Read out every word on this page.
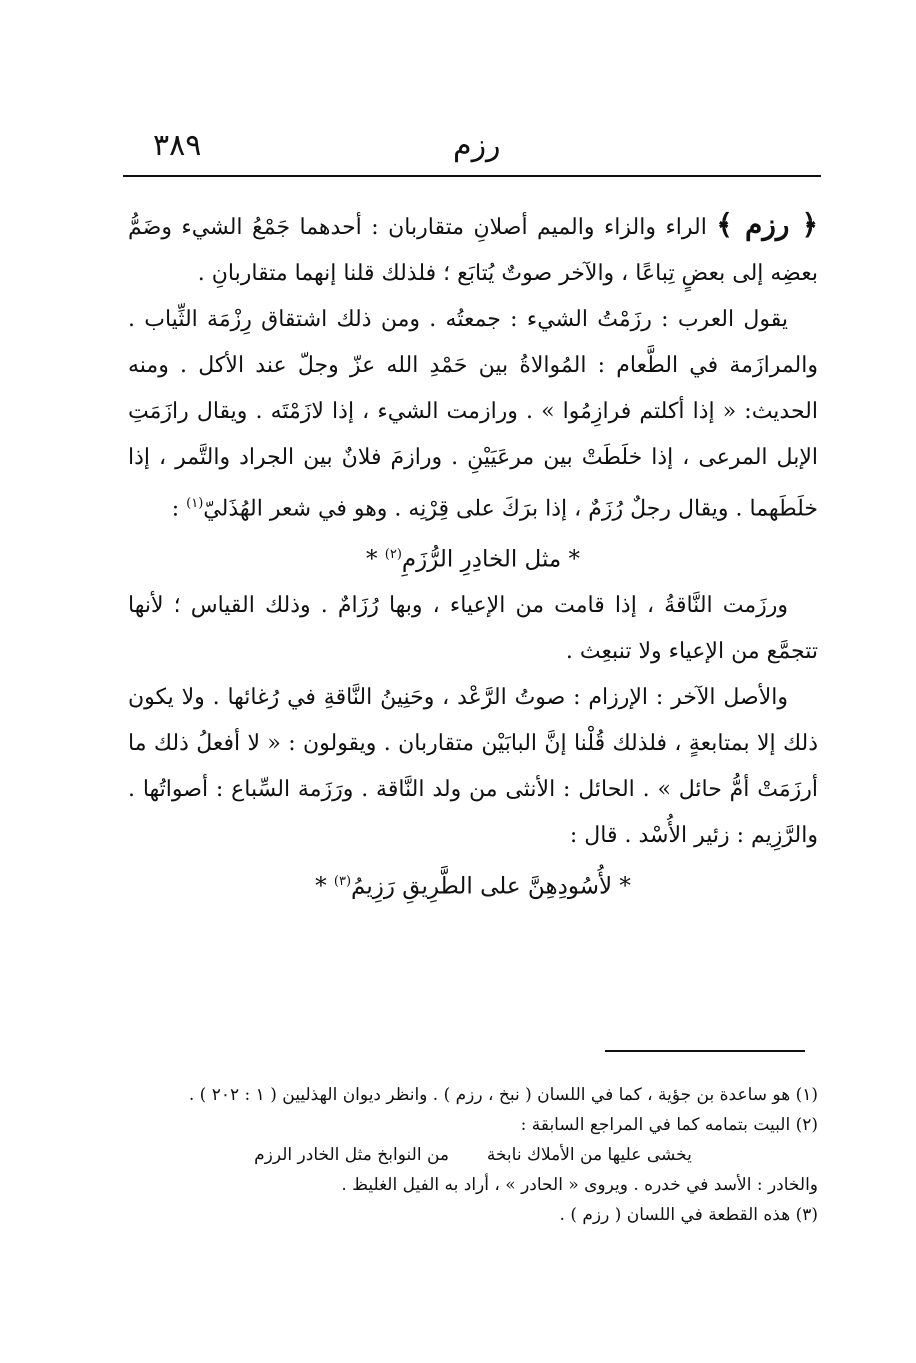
٣٨٩	رزم

﴿ رزم ﴾ الراء والزاء والميم أصلانِ متقاربان : أحدهما جَمْعُ الشيء وضَمُّ بعضِه إلى بعضٍ تِباعًا ، والآخر صوتٌ يُتابَع ؛ فلذلك قلنا إنهما متقاربانِ .

يقول العرب : رزَمْتُ الشيء : جمعتُه . ومن ذلك اشتقاق رِزْمَة الثِّياب . والمرازَمة في الطَّعام : المُوالاةُ بين حَمْدِ الله عزّ وجلّ عند الأكل . ومنه الحديث: « إذا أكلتم فرازِمُوا » . ورازمت الشيء ، إذا لازَمْتَه . ويقال رازَمَتِ الإبل المرعى ، إذا خلَطَتْ بين مرعَيَيْنِ . ورازمَ فلانٌ بين الجراد والتَّمر ، إذا خلَطَهما . ويقال رجلٌ رُزَمٌ ، إذا برَكَ على قِرْنِه . وهو في شعر الهُذَليّ$^{(١)}$ :

* مثل الخادِرِ الرُّزَمِ$^{(٢)}$ *

ورزَمت النَّاقةُ ، إذا قامت من الإعياء ، وبها رُزَامٌ . وذلك القياس ؛ لأنها تتجمَّع من الإعياء ولا تنبعِث .

والأصل الآخر : الإرزام : صوتُ الرَّعْد ، وحَنِينُ النَّاقةِ في رُغائها . ولا يكون ذلك إلا بمتابعةٍ ، فلذلك قُلْنا إنَّ البابَيْن متقاربان . ويقولون : « لا أفعلُ ذلك ما أرزَمَتْ أمُّ حائل » . الحائل : الأنثى من ولد النَّاقة . ورَزَمة السِّباع : أصواتُها . والرَّزِيم : زئير الأُسْد . قال :

* لأُسُودِهِنَّ على الطَّرِيقِ رَزِيمُ$^{(٣)}$ *

(١) هو ساعدة بن جؤية ، كما في اللسان ( نبخ ، رزم ) . وانظر ديوان الهذليين ( ١ : ٢٠٢ ) .

(٢) البيت بتمامه كما في المراجع السابقة :

يخشى عليها من الأملاك نابخة       من النوابخ مثل الخادر الرزم

والخادر : الأسد في خدره . ويروى « الحادر » ، أراد به الفيل الغليظ .

(٣) هذه القطعة في اللسان ( رزم ) .
